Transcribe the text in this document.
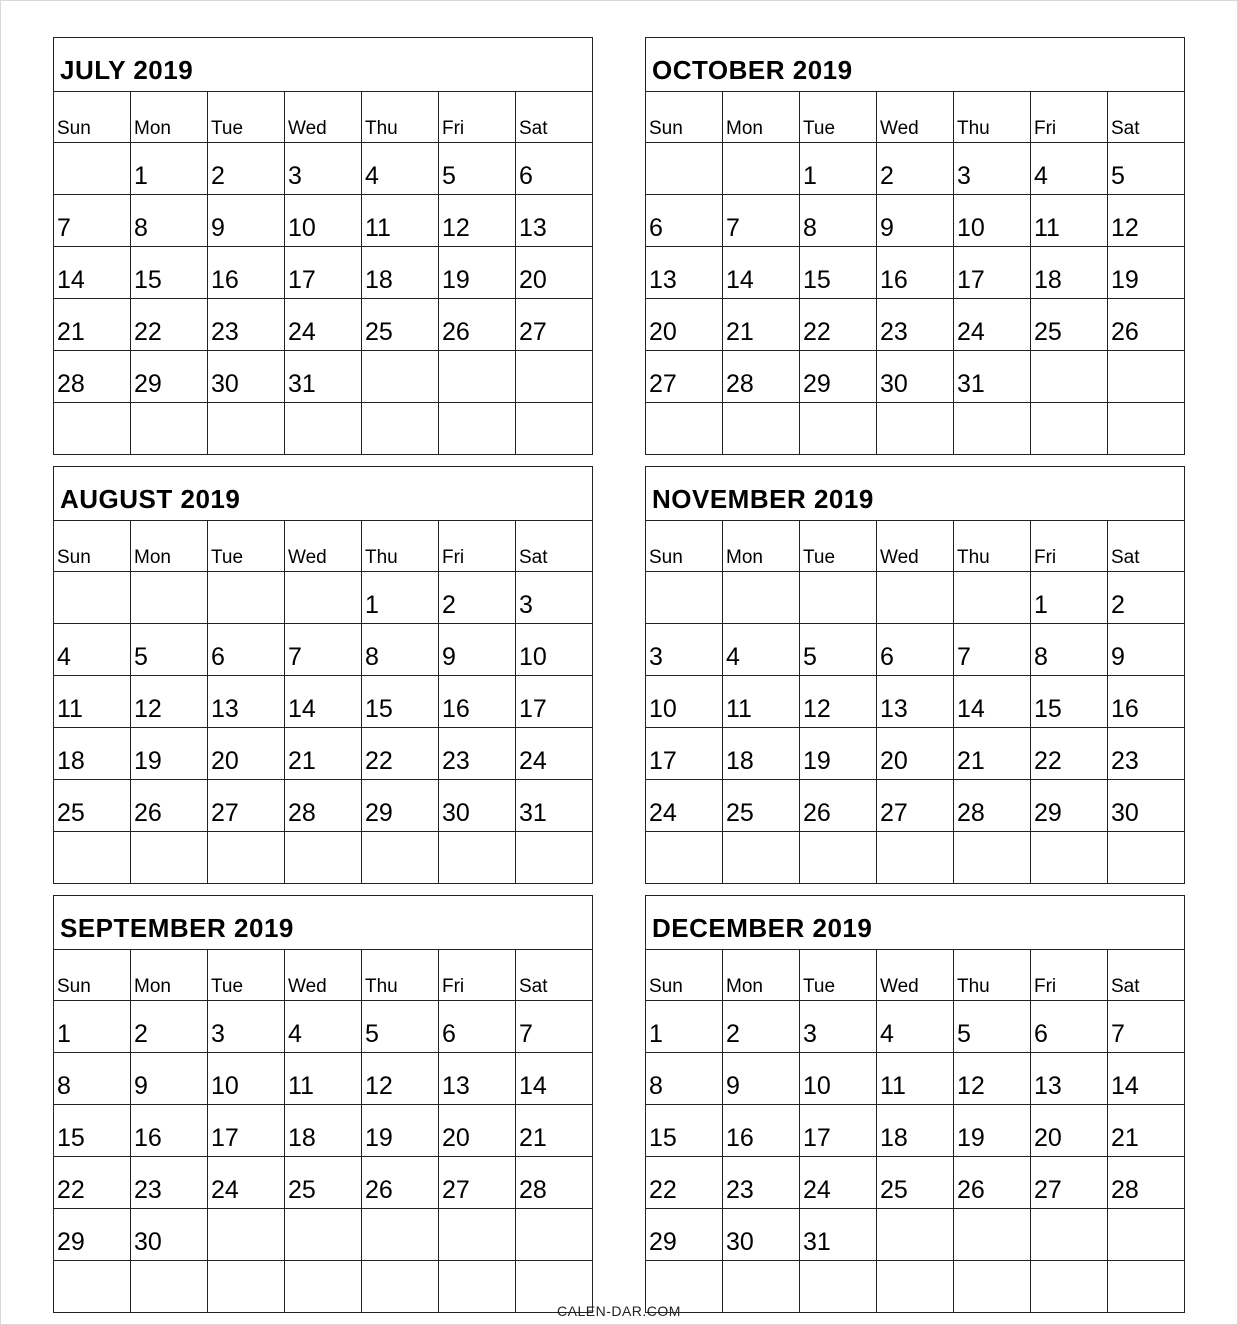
JULY 2019						
Sun	Mon	Tue	Wed	Thu	Fri	Sat
	1	2	3	4	5	6
7	8	9	10	11	12	13
14	15	16	17	18	19	20
21	22	23	24	25	26	27
28	29	30	31			

OCTOBER 2019						
Sun	Mon	Tue	Wed	Thu	Fri	Sat
		1	2	3	4	5
6	7	8	9	10	11	12
13	14	15	16	17	18	19
20	21	22	23	24	25	26
27	28	29	30	31		

AUGUST 2019						
Sun	Mon	Tue	Wed	Thu	Fri	Sat
				1	2	3
4	5	6	7	8	9	10
11	12	13	14	15	16	17
18	19	20	21	22	23	24
25	26	27	28	29	30	31

NOVEMBER 2019						
Sun	Mon	Tue	Wed	Thu	Fri	Sat
					1	2
3	4	5	6	7	8	9
10	11	12	13	14	15	16
17	18	19	20	21	22	23
24	25	26	27	28	29	30

SEPTEMBER 2019						
Sun	Mon	Tue	Wed	Thu	Fri	Sat
1	2	3	4	5	6	7
8	9	10	11	12	13	14
15	16	17	18	19	20	21
22	23	24	25	26	27	28
29	30					

DECEMBER 2019						
Sun	Mon	Tue	Wed	Thu	Fri	Sat
1	2	3	4	5	6	7
8	9	10	11	12	13	14
15	16	17	18	19	20	21
22	23	24	25	26	27	28
29	30	31				

CALEN-DAR.COM
